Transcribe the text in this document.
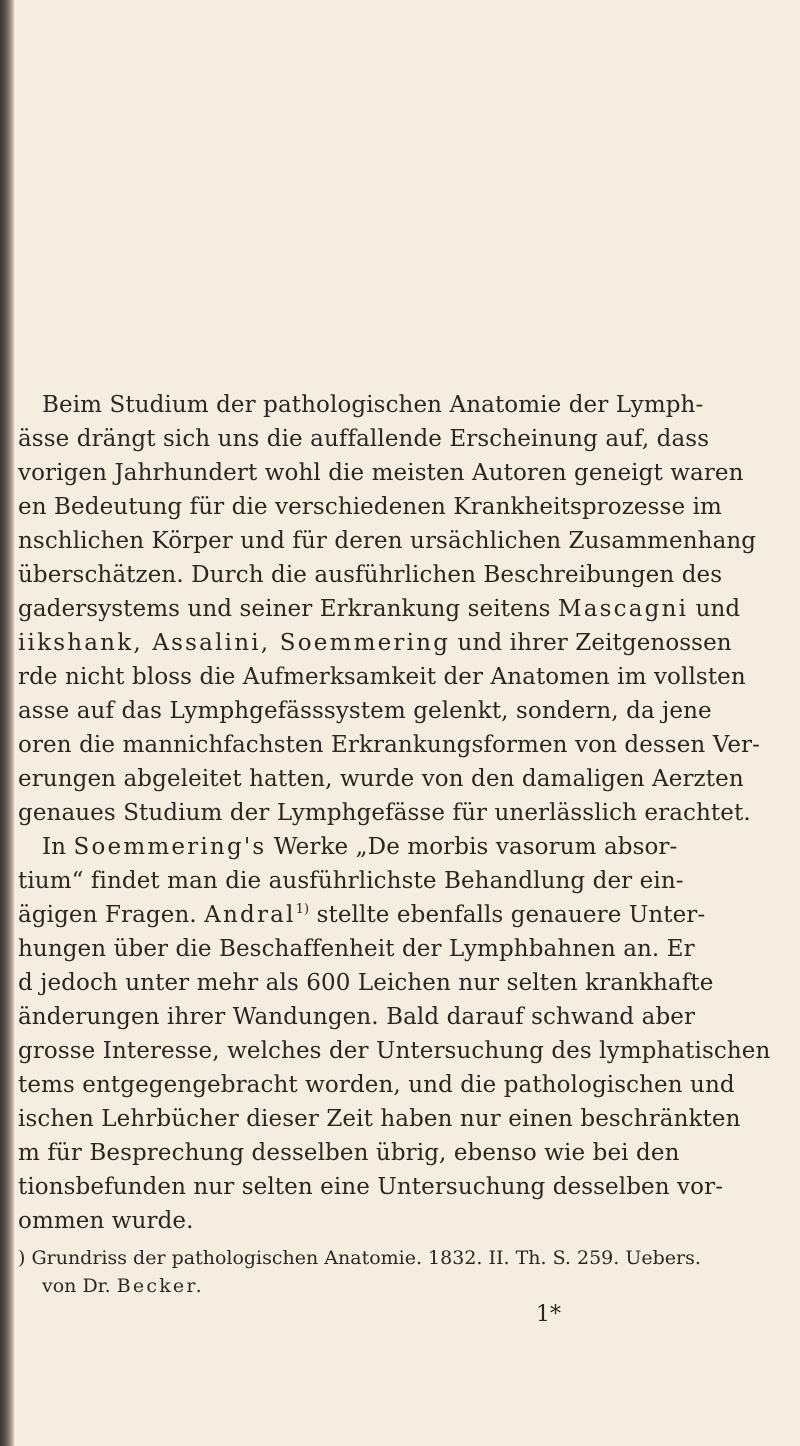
Beim Studium der pathologischen Anatomie der Lymph-
ässe drängt sich uns die auffallende Erscheinung auf, dass
vorigen Jahrhundert wohl die meisten Autoren geneigt waren
en Bedeutung für die verschiedenen Krankheitsprozesse im
nschlichen Körper und für deren ursächlichen Zusammenhang
überschätzen. Durch die ausführlichen Beschreibungen des
gadersystems und seiner Erkrankung seitens Mascagni und
iikshank, Assalini, Soemmering und ihrer Zeitgenossen
rde nicht bloss die Aufmerksamkeit der Anatomen im vollsten
asse auf das Lymphgefässsystem gelenkt, sondern, da jene
oren die mannichfachsten Erkrankungsformen von dessen Ver-
erungen abgeleitet hatten, wurde von den damaligen Aerzten
genaues Studium der Lymphgefässe für unerlässlich erachtet.
In Soemmering's Werke „De morbis vasorum absor-
tium“ findet man die ausführlichste Behandlung der ein-
ägigen Fragen. Andral$^{1)}$ stellte ebenfalls genauere Unter-
hungen über die Beschaffenheit der Lymphbahnen an. Er
d jedoch unter mehr als 600 Leichen nur selten krankhafte
änderungen ihrer Wandungen. Bald darauf schwand aber
grosse Interesse, welches der Untersuchung des lymphatischen
tems entgegengebracht worden, und die pathologischen und
ischen Lehrbücher dieser Zeit haben nur einen beschränkten
m für Besprechung desselben übrig, ebenso wie bei den
tionsbefunden nur selten eine Untersuchung desselben vor-
ommen wurde.
) Grundriss der pathologischen Anatomie. 1832. II. Th. S. 259. Uebers.
von Dr. Becker.
1*
